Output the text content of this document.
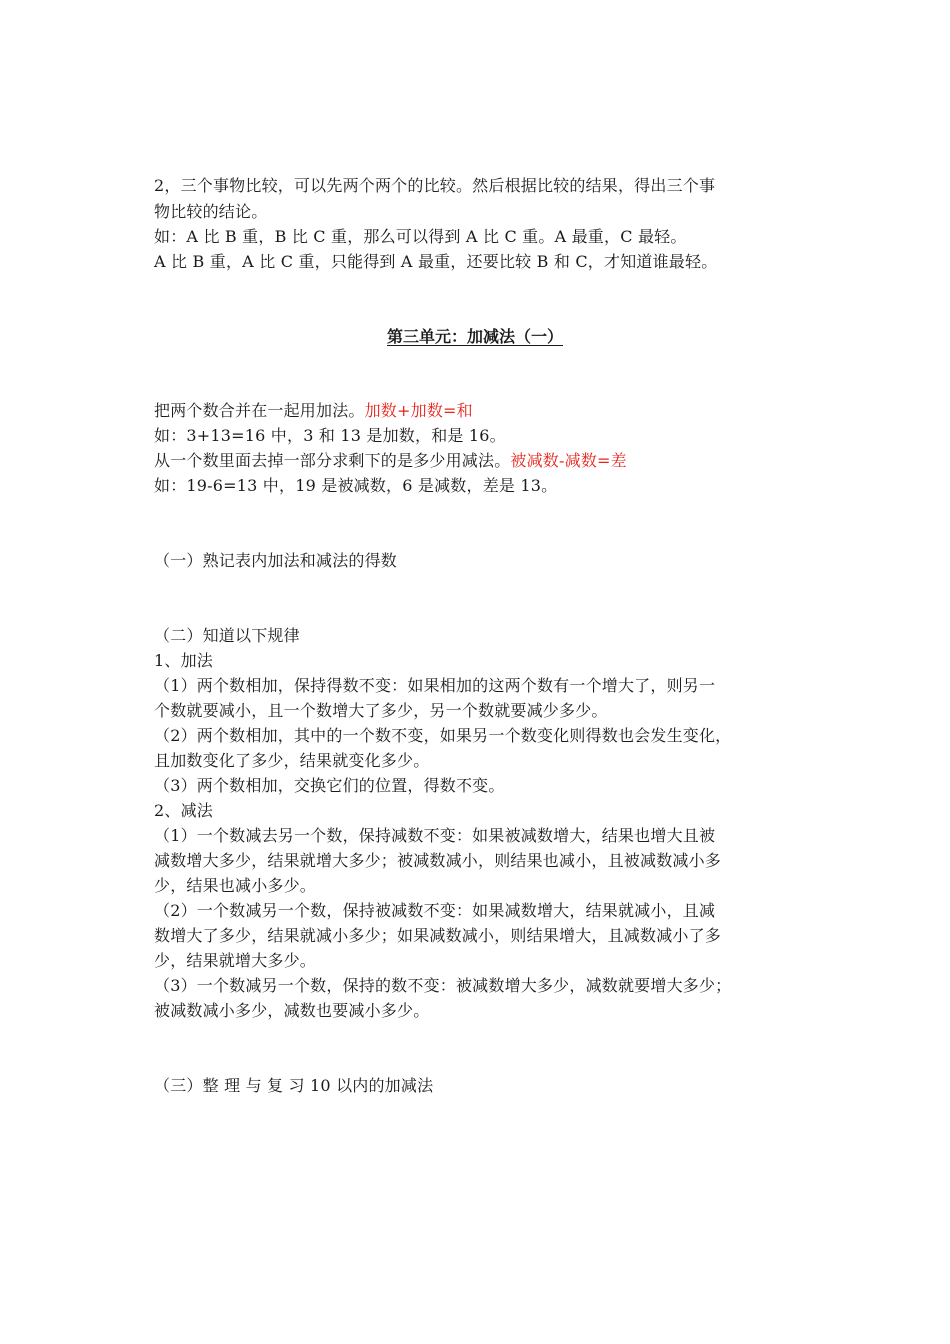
2，三个事物比较，可以先两个两个的比较。然后根据比较的结果，得出三个事
物比较的结论。
如：A 比 B 重，B 比 C 重，那么可以得到 A 比 C 重。A 最重，C 最轻。
A 比 B 重，A 比 C 重，只能得到 A 最重，还要比较 B 和 C，才知道谁最轻。
第三单元：加减法（一）
把两个数合并在一起用加法。加数+加数=和
如：3+13=16 中，3 和 13 是加数，和是 16。
从一个数里面去掉一部分求剩下的是多少用减法。被减数-减数=差
如：19-6=13 中，19 是被减数，6 是减数，差是 13。
（一）熟记表内加法和减法的得数
（二）知道以下规律
1、加法
（1）两个数相加，保持得数不变：如果相加的这两个数有一个增大了，则另一
个数就要减小，且一个数增大了多少，另一个数就要减少多少。
（2）两个数相加，其中的一个数不变，如果另一个数变化则得数也会发生变化，
且加数变化了多少，结果就变化多少。
（3）两个数相加，交换它们的位置，得数不变。
2、减法
（1）一个数减去另一个数，保持减数不变：如果被减数增大，结果也增大且被
减数增大多少，结果就增大多少；被减数减小，则结果也减小，且被减数减小多
少，结果也减小多少。
（2）一个数减另一个数，保持被减数不变：如果减数增大，结果就减小，且减
数增大了多少，结果就减小多少；如果减数减小，则结果增大，且减数减小了多
少，结果就增大多少。
（3）一个数减另一个数，保持的数不变：被减数增大多少，减数就要增大多少；
被减数减小多少，减数也要减小多少。
（三）整 理 与 复 习 10 以内的加减法
